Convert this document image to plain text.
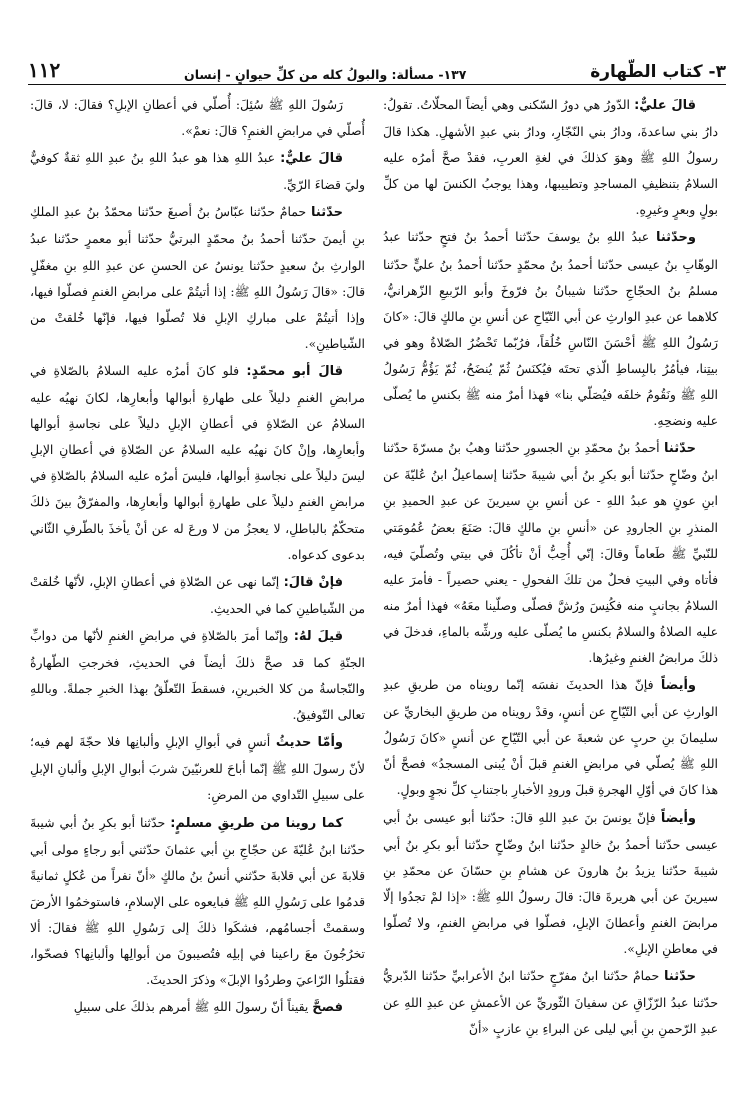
٣- كتاب الطّهارة
١٣٧- مسألة: والبولُ كله من كلِّ حيوانٍ - إنسان
١١٢

قالَ عليٌّ: الدّورُ هي دورُ السّكنى وهي أيضاً المحلّاتُ. تقولُ: دارُ بني ساعدةَ، ودارُ بني النّجّارِ، ودارُ بني عبدِ الأشهلِ. هكذا قالَ رسولُ اللهِ ﷺ وهوَ كذلكَ في لغةِ العربِ، فقدْ صحَّ أمرُه عليه السلامُ بتنظيفِ المساجدِ وتطييبها، وهذا يوجبُ الكنسَ لها من كلِّ بولٍ وبعرٍ وغيرِهِ.

وحدّثنا عبدُ اللهِ بنُ يوسفَ حدّثنا أحمدُ بنُ فتحٍ حدّثنا عبدُ الوهّابِ بنُ عيسى حدّثنا أحمدُ بنُ محمّدٍ حدّثنا أحمدُ بنُ عليٍّ حدّثنا مسلمُ بنُ الحجّاجِ حدّثنا شيبانُ بنُ فرّوخَ وأبو الرّبيعِ الزّهرانيُّ، كلاهما عن عبدِ الوارثِ عن أبي التّيّاحِ عن أنسِ بنِ مالكٍ قالَ: «كانَ رَسُولُ اللهِ ﷺ أحْسَنَ النّاسِ خُلُقاً، فرُبّما تَحْضُرُ الصّلاةُ وهو في بيتِنا، فيأمُرُ بالبِساطِ الّذي تحتَه فيُكنَسُ ثُمّ يُنضَحُ، ثُمّ يَؤُمُّ رَسُولُ اللهِ ﷺ ونَقُومُ خلفَه فيُصَلّي بنا» فهذا أمرٌ منه ﷺ بكنسِ ما يُصلّى عليه ونضحِهِ.

حدّثنا أحمدُ بنُ محمّدِ بنِ الجسورِ حدّثنا وهبُ بنُ مسرّةَ حدّثنا ابنُ وضّاحٍ حدّثنا أبو بكرِ بنُ أبي شيبةَ حدّثنا إسماعيلُ ابنُ عُليّةَ عن ابنِ عونٍ هو عبدُ اللهِ - عن أنسِ بنِ سيرينَ عن عبدِ الحميدِ بنِ المنذرِ بنِ الجارودِ عن «أنسِ بنِ مالكٍ قالَ: صَنَعَ بعضُ عُمُومَتي للنّبيِّ ﷺ طَعاماً وقالَ: إنّي أُحِبُّ أنْ تأكُلَ في بيتي وتُصلّيَ فيه، فأتاه وفي البيتِ فحلٌ من تلكَ الفحولِ - يعني حصيراً - فأمرَ عليه السلامُ بجانبٍ منه فكُنِسَ ورُشَّ فصلّى وصلّينا معَهُ» فهذا أمرٌ منه عليه الصلاةُ والسلامُ بكنسِ ما يُصلّى عليه ورشِّه بالماءِ، فدخلَ في ذلكَ مرابضُ الغنمِ وغيرُها.

وأيضاً فإنّ هذا الحديثَ نفسَه إنّما رويناه من طريقِ عبدِ الوارثِ عن أبي التّيّاحِ عن أنسٍ، وقدْ رويناه من طريقِ البخاريِّ عن سليمانَ بنِ حربٍ عن شعبةَ عن أبي التّيّاحِ عن أنسٍ «كانَ رَسُولُ اللهِ ﷺ يُصلّي في مرابضِ الغنمِ قبلَ أنْ يُبنى المسجدُ» فصحَّ أنّ هذا كانَ في أوّلِ الهجرةِ قبلَ ورودِ الأخبارِ باجتنابِ كلِّ نجوٍ وبولٍ.

وأيضاً فإنّ يونسَ بنَ عبدِ اللهِ قالَ: حدّثنا أبو عيسى بنُ أبي عيسى حدّثنا أحمدُ بنُ خالدٍ حدّثنا ابنُ وضّاحٍ حدّثنا أبو بكرِ بنُ أبي شيبةَ حدّثنا يزيدُ بنُ هارونَ عن هشامِ بنِ حسّانَ عن محمّدِ بنِ سيرينَ عن أبي هريرةَ قالَ: قالَ رسولُ اللهِ ﷺ: «إذا لمْ تجدُوا إلّا مرابضَ الغنمِ وأعطانَ الإبلِ، فصلّوا في مرابضِ الغنمِ، ولا تُصلّوا في معاطنِ الإبلِ».

حدّثنا حمامٌ حدّثنا ابنُ مفرّجٍ حدّثنا ابنُ الأعرابيِّ حدّثنا الدّبريُّ حدّثنا عبدُ الرّزّاقِ عن سفيانَ الثّوريِّ عن الأعمشِ عن عبدِ اللهِ عن عبدِ الرّحمنِ بنِ أبي ليلى عن البراءِ بنِ عازبٍ «أنّ

رَسُولَ اللهِ ﷺ سُئِلَ: أُصلّي في أعطانِ الإبلِ؟ فقالَ: لا، قالَ: أُصلّي في مرابضِ الغنمِ؟ قالَ: نعمْ».

قالَ عليٌّ: عبدُ اللهِ هذا هو عبدُ اللهِ بنُ عبدِ اللهِ ثقةٌ كوفيٌّ وليَ قضاءَ الرّيِّ.

حدّثنا حمامٌ حدّثنا عبّاسُ بنُ أصبغَ حدّثنا محمّدُ بنُ عبدِ الملكِ بنِ أيمنَ حدّثنا أحمدُ بنُ محمّدٍ البرتيُّ حدّثنا أبو معمرٍ حدّثنا عبدُ الوارثِ بنُ سعيدٍ حدّثنا يونسُ عن الحسنِ عن عبدِ اللهِ بنِ مغفّلٍ قالَ: «قالَ رَسُولُ اللهِ ﷺ: إذا أتيتُمْ على مرابضِ الغنمِ فصلّوا فيها، وإذا أتيتُمْ على مباركِ الإبلِ فلا تُصلّوا فيها، فإنّها خُلقتْ من الشّياطينِ».

قالَ أبو محمّدٍ: فلو كانَ أمرُه عليه السلامُ بالصّلاةِ في مرابضِ الغنمِ دليلاً على طهارةِ أبوالها وأبعارِها، لكانَ نهيُه عليه السلامُ عن الصّلاةِ في أعطانِ الإبلِ دليلاً على نجاسةِ أبوالها وأبعارِها، وإنْ كانَ نهيُه عليه السلامُ عن الصّلاةِ في أعطانِ الإبلِ ليسَ دليلاً على نجاسةِ أبوالها، فليسَ أمرُه عليه السلامُ بالصّلاةِ في مرابضِ الغنمِ دليلاً على طهارةِ أبوالها وأبعارِها، والمفرّقُ بينَ ذلكَ متحكّمٌ بالباطلِ، لا يعجزُ من لا ورعَ له عن أنْ يأخذَ بالطّرفِ الثّاني بدعوى كدعواه.

فإنْ قالَ: إنّما نهى عن الصّلاةِ في أعطانِ الإبلِ، لأنّها خُلقتْ من الشّياطينِ كما في الحديثِ.

قيلَ لهُ: وإنّما أمرَ بالصّلاةِ في مرابضِ الغنمِ لأنّها من دوابِّ الجنّةِ كما قد صحَّ ذلكَ أيضاً في الحديثِ، فخرجتِ الطّهارةُ والنّجاسةُ من كلا الخبرينِ، فسقطَ التّعلّقُ بهذا الخبرِ جملةً. وباللهِ تعالى التّوفيقُ.

وأمّا حديثُ أنسٍ في أبوالِ الإبلِ وألبانِها فلا حجّةَ لهم فيه؛ لأنّ رسولَ اللهِ ﷺ إنّما أباحَ للعرنيّينَ شربَ أبوالِ الإبلِ وألبانِ الإبلِ على سبيلِ التّداوي من المرضِ:

كما روينا من طريقِ مسلمٍ: حدّثنا أبو بكرِ بنُ أبي شيبةَ حدّثنا ابنُ عُليّةَ عن حجّاجِ بنِ أبي عثمانَ حدّثني أبو رجاءٍ مولى أبي قلابةَ عن أبي قلابةَ حدّثني أنسُ بنُ مالكٍ «أنّ نفراً من عُكلٍ ثمانيةً قدمُوا على رَسُولِ اللهِ ﷺ فبايعوه على الإسلامِ، فاستوخمُوا الأرضَ وسقمتْ أجسامُهم، فشكَوا ذلكَ إلى رَسُولِ اللهِ ﷺ فقالَ: ألا تخرُجُونَ معَ راعينا في إبلِه فتُصيبونَ من أبوالِها وألبانِها؟ فصحّوا، فقتلُوا الرّاعيَ وطردُوا الإبلَ» وذكرَ الحديثَ.

فصحَّ يقيناً أنّ رسولَ اللهِ ﷺ أمرهم بذلكَ على سبيلِ
